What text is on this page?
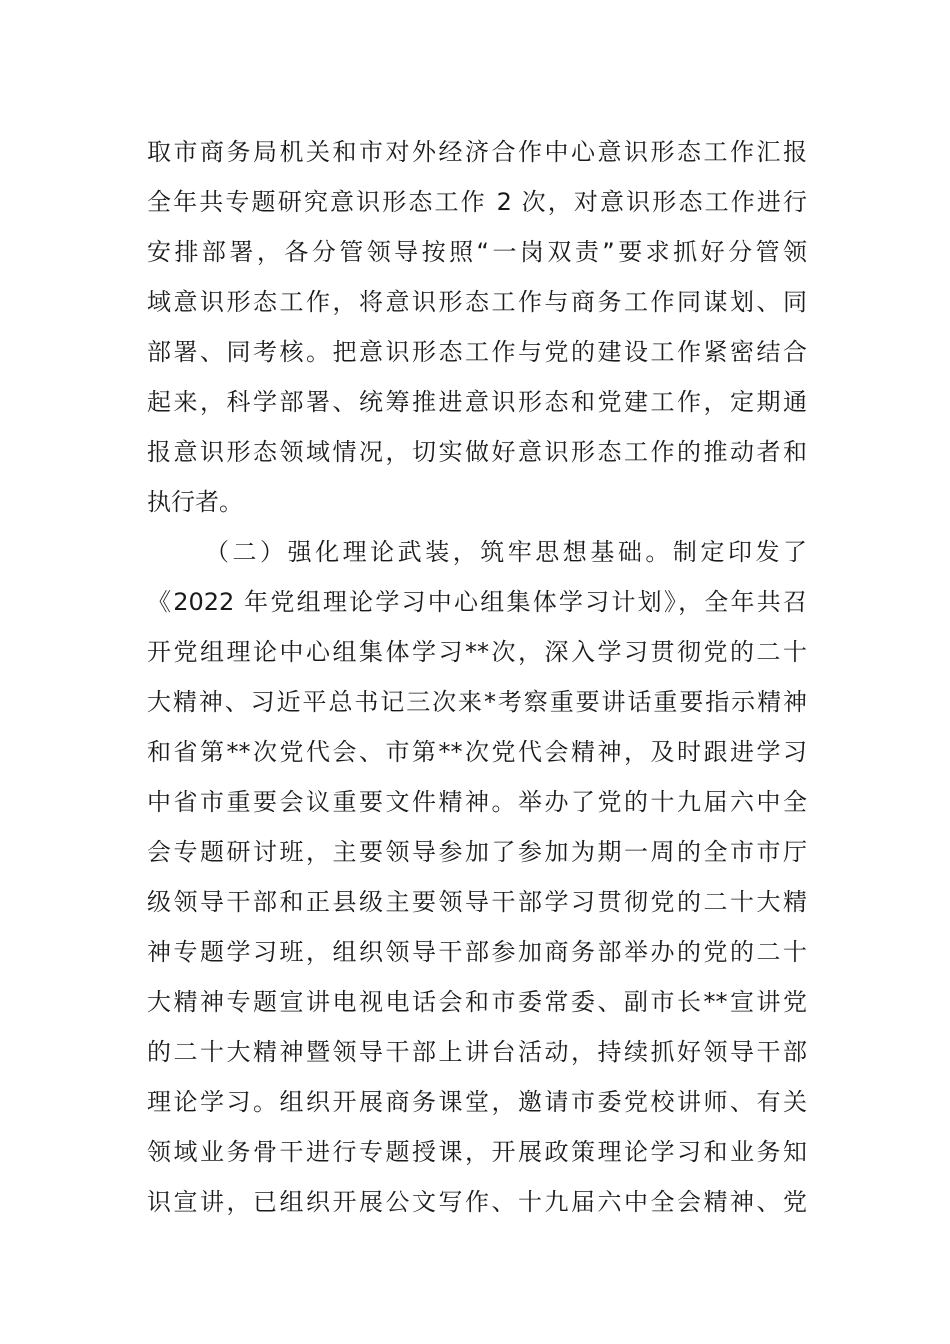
取市商务局机关和市对外经济合作中心意识形态工作汇报
全年共专题研究意识形态工作 2 次，对意识形态工作进行
安排部署，各分管领导按照“一岗双责”要求抓好分管领
域意识形态工作，将意识形态工作与商务工作同谋划、同
部署、同考核。把意识形态工作与党的建设工作紧密结合
起来，科学部署、统筹推进意识形态和党建工作，定期通
报意识形态领域情况，切实做好意识形态工作的推动者和
执行者。
（二）强化理论武装，筑牢思想基础。制定印发了
《2022 年党组理论学习中心组集体学习计划》，全年共召
开党组理论中心组集体学习**次，深入学习贯彻党的二十
大精神、习近平总书记三次来*考察重要讲话重要指示精神
和省第**次党代会、市第**次党代会精神，及时跟进学习
中省市重要会议重要文件精神。举办了党的十九届六中全
会专题研讨班，主要领导参加了参加为期一周的全市市厅
级领导干部和正县级主要领导干部学习贯彻党的二十大精
神专题学习班，组织领导干部参加商务部举办的党的二十
大精神专题宣讲电视电话会和市委常委、副市长**宣讲党
的二十大精神暨领导干部上讲台活动，持续抓好领导干部
理论学习。组织开展商务课堂，邀请市委党校讲师、有关
领域业务骨干进行专题授课，开展政策理论学习和业务知
识宣讲，已组织开展公文写作、十九届六中全会精神、党
